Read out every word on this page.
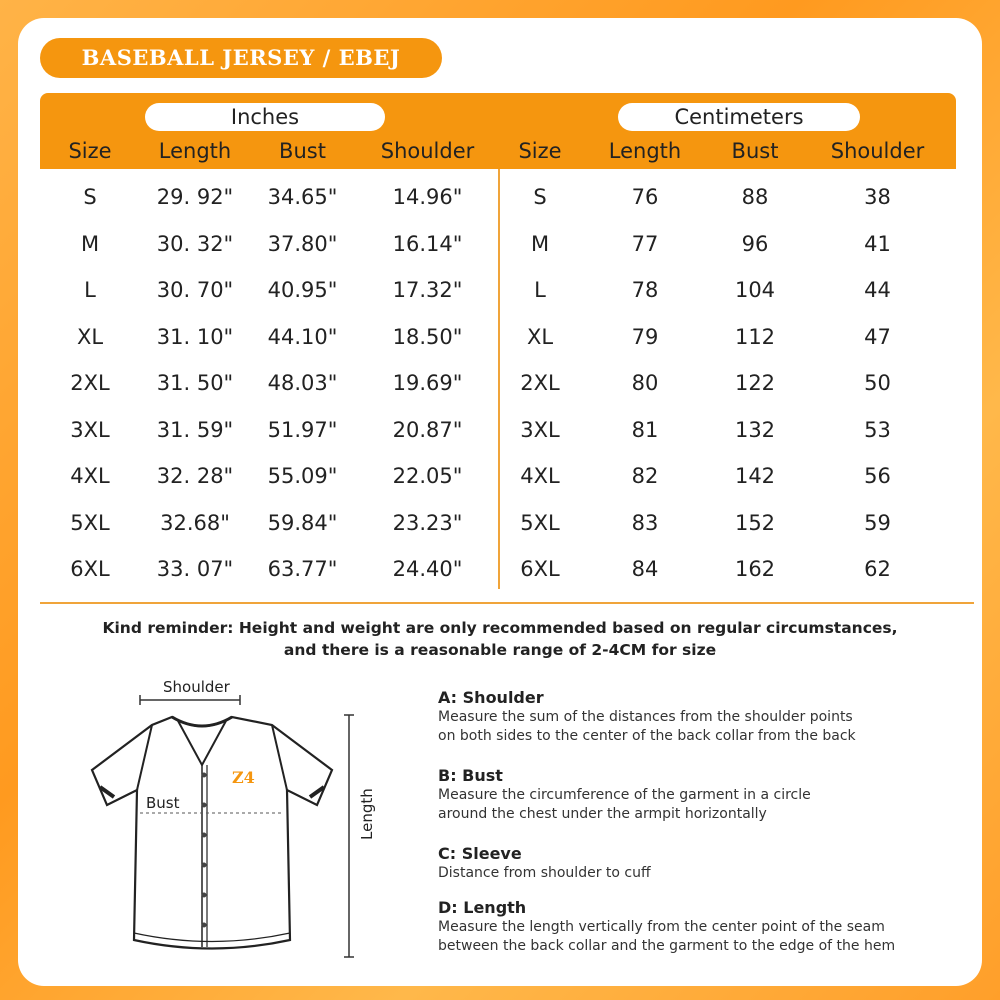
BASEBALL JERSEY / EBEJ
Inches	Centimeters
Size	Length	Bust	Shoulder	Size	Length	Bust	Shoulder
S	29. 92"	34.65"	14.96"	S	76	88	38
M	30. 32"	37.80"	16.14"	M	77	96	41
L	30. 70"	40.95"	17.32"	L	78	104	44
XL	31. 10"	44.10"	18.50"	XL	79	112	47
2XL	31. 50"	48.03"	19.69"	2XL	80	122	50
3XL	31. 59"	51.97"	20.87"	3XL	81	132	53
4XL	32. 28"	55.09"	22.05"	4XL	82	142	56
5XL	32.68"	59.84"	23.23"	5XL	83	152	59
6XL	33. 07"	63.77"	24.40"	6XL	84	162	62
Kind reminder: Height and weight are only recommended based on regular circumstances,
and there is a reasonable range of 2-4CM for size
Shoulder
Bust	Length
Z4
A: Shoulder

Measure the sum of the distances from the shoulder points

on both sides to the center of the back collar from the back

B: Bust

Measure the circumference of the garment in a circle

around the chest under the armpit horizontally

C: Sleeve

Distance from shoulder to cuff

D: Length

Measure the length vertically from the center point of the seam

between the back collar and the garment to the edge of the hem
